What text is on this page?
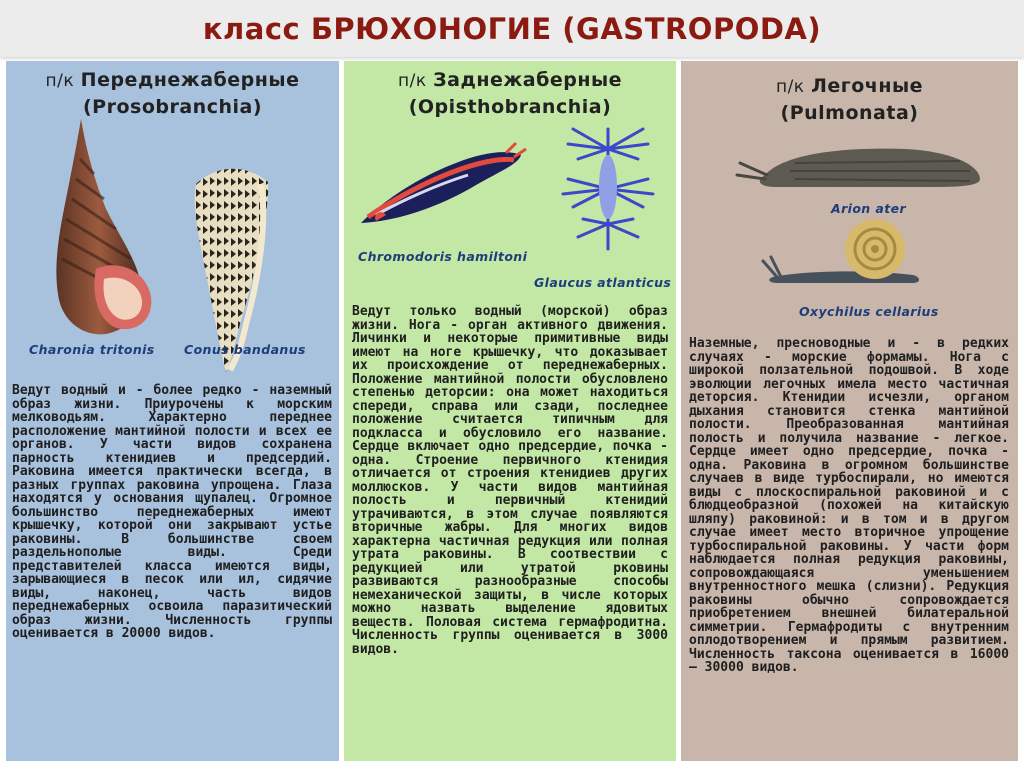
класс БРЮХОНОГИЕ (GASTROPODA)
п/к Переднежаберные
(Prosobranchia)
Charonia tritonis Conus bandanus

Ведут водный и - более редко - наземный образ жизни. Приурочены к морским мелководьям. Характерно переднее расположение мантийной полости и всех ее органов. У части видов сохранена парность ктенидиев и предсердий. Раковина имеется практически всегда, в разных группах раковина упрощена. Глаза находятся у основания щупалец. Огромное большинство переднежаберных имеют крышечку, которой они закрывают устье раковины. В большинстве своем раздельнополые виды. Среди представителей класса имеются виды, зарывающиеся в песок или ил, сидячие виды, наконец, часть видов переднежаберных освоила паразитический образ жизни. Численность группы оценивается в 20000 видов.

п/к Заднежаберные
(Opisthobranchia)
Chromodoris hamiltoni
Glaucus atlanticus

Ведут только водный (морской) образ жизни. Нога - орган активного движения. Личинки и некоторые примитивные виды имеют на ноге крышечку, что доказывает их происхождение от переднежаберных. Положение мантийной полости обусловлено степенью деторсии: она может находиться спереди, справа или сзади, последнее положение считается типичным для подкласса и обусловило его название. Сердце включает одно предсердие, почка - одна. Строение первичного ктенидия отличается от строения ктенидиев других моллюсков. У части видов мантийная полость и первичный ктенидий утрачиваются, в этом случае появляются вторичные жабры. Для многих видов характерна частичная редукция или полная утрата раковины. В соотвествии с редукцией или утратой рковины развиваются разнообразные способы немеханической защиты, в числе которых можно назвать выделение ядовитых веществ. Половая система гермафродитна. Численность группы оценивается в 3000 видов.

п/к Легочные
(Pulmonata)
Arion ater
Oxychilus cellarius

Наземные, пресноводные и - в редких случаях - морские формамы. Нога с широкой ползательной подошвой. В ходе эволюции легочных имела место частичная деторсия. Ктенидии исчезли, органом дыхания становится стенка мантийной полости. Преобразованная мантийная полость и получила название - легкое. Сердце имеет одно предсердие, почка - одна. Раковина в огромном большинстве случаев в виде турбоспирали, но имеются виды с плоскоспиральной раковиной и с блюдцеобразной (похожей на китайскую шляпу) раковиной: и в том и в другом случае имеет место вторичное упрощение турбоспиральной раковины. У части форм наблюдается полная редукция раковины, сопровождающаяся уменьшением внутренностного мешка (слизни). Редукция раковины обычно сопровождается приобретением внешней билатеральной симметрии. Гермафродиты с внутренним оплодотворением и прямым развитием. Численность таксона оценивается в 16000 – 30000 видов.
